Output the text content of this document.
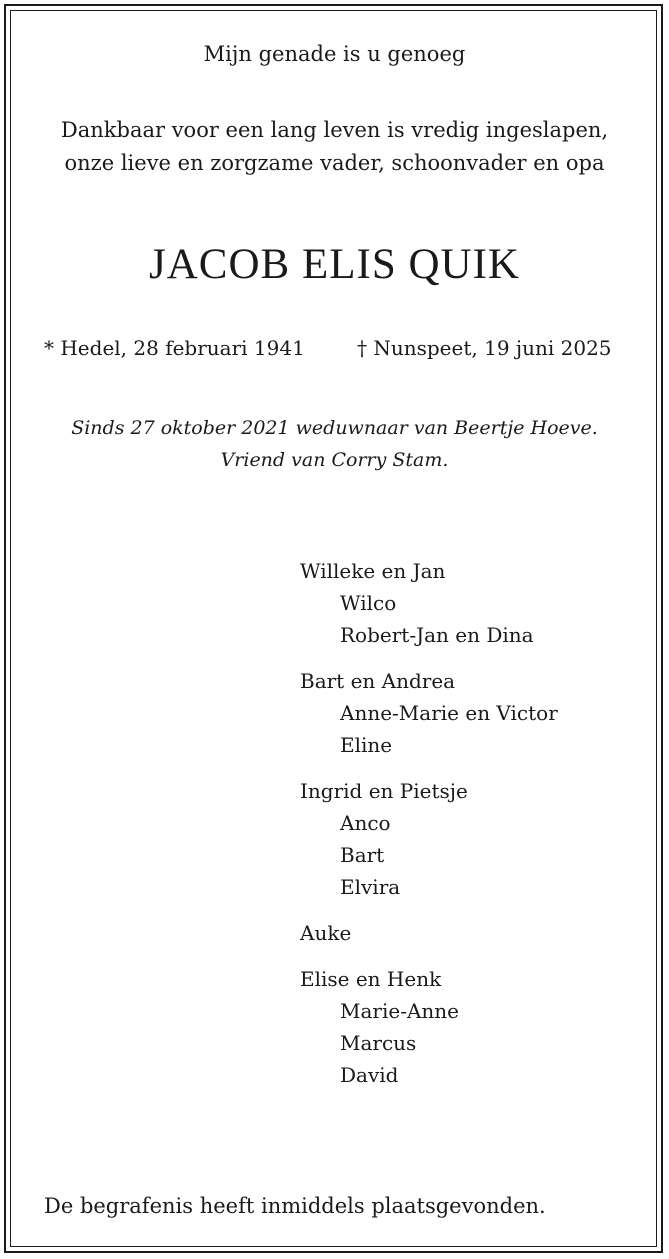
Mijn genade is u genoeg
Dankbaar voor een lang leven is vredig ingeslapen,
onze lieve en zorgzame vader, schoonvader en opa
JACOB ELIS QUIK
* Hedel, 28 februari 1941	† Nunspeet, 19 juni 2025
Sinds 27 oktober 2021 weduwnaar van Beertje Hoeve.
Vriend van Corry Stam.
Willeke en Jan
Wilco
Robert-Jan en Dina
Bart en Andrea
Anne-Marie en Victor
Eline
Ingrid en Pietsje
Anco
Bart
Elvira
Auke
Elise en Henk
Marie-Anne
Marcus
David
De begrafenis heeft inmiddels plaatsgevonden.
